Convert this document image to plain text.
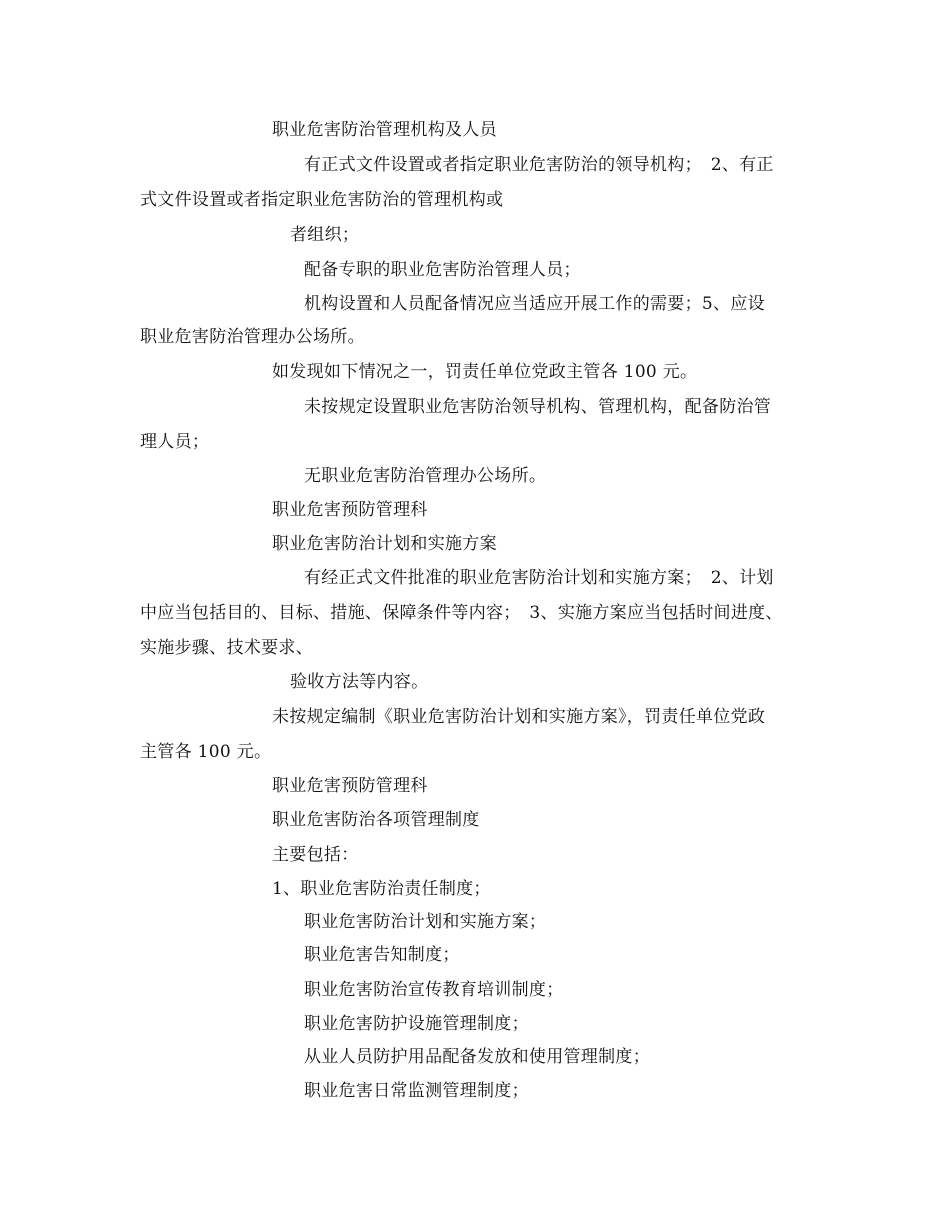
职业危害防治管理机构及人员
有正式文件设置或者指定职业危害防治的领导机构；　2、有正
式文件设置或者指定职业危害防治的管理机构或
者组织；
配备专职的职业危害防治管理人员；
机构设置和人员配备情况应当适应开展工作的需要；5、应设
职业危害防治管理办公场所。
如发现如下情况之一，罚责任单位党政主管各 100 元。
未按规定设置职业危害防治领导机构、管理机构，配备防治管
理人员；
无职业危害防治管理办公场所。
职业危害预防管理科
职业危害防治计划和实施方案
有经正式文件批准的职业危害防治计划和实施方案；　2、计划
中应当包括目的、目标、措施、保障条件等内容；　3、实施方案应当包括时间进度、
实施步骤、技术要求、
验收方法等内容。
未按规定编制《职业危害防治计划和实施方案》，罚责任单位党政
主管各 100 元。
职业危害预防管理科
职业危害防治各项管理制度
主要包括：
1、职业危害防治责任制度；
职业危害防治计划和实施方案；
职业危害告知制度；
职业危害防治宣传教育培训制度；
职业危害防护设施管理制度；
从业人员防护用品配备发放和使用管理制度；
职业危害日常监测管理制度；
